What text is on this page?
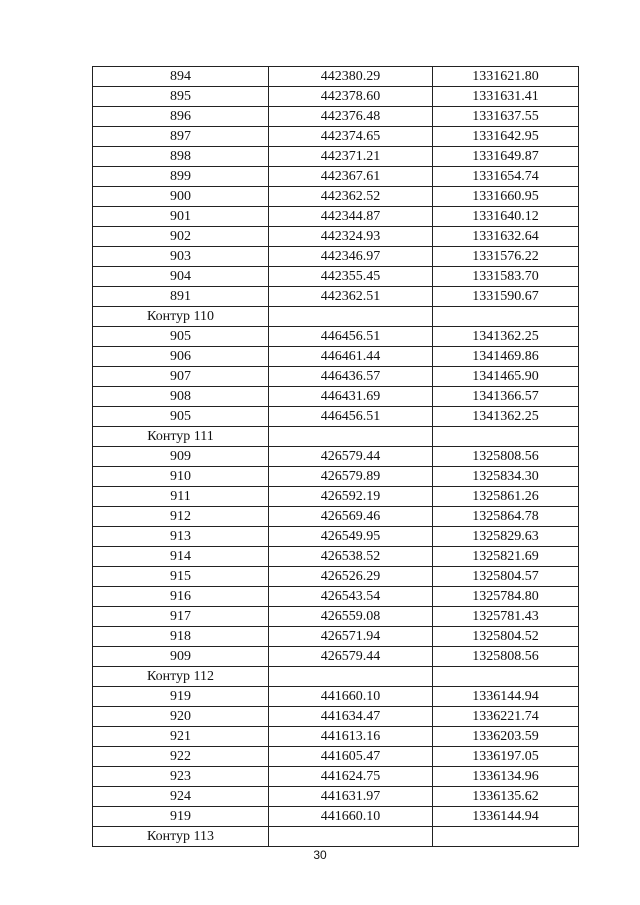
894	442380.29	1331621.80
895	442378.60	1331631.41
896	442376.48	1331637.55
897	442374.65	1331642.95
898	442371.21	1331649.87
899	442367.61	1331654.74
900	442362.52	1331660.95
901	442344.87	1331640.12
902	442324.93	1331632.64
903	442346.97	1331576.22
904	442355.45	1331583.70
891	442362.51	1331590.67
Контур 110		
905	446456.51	1341362.25
906	446461.44	1341469.86
907	446436.57	1341465.90
908	446431.69	1341366.57
905	446456.51	1341362.25
Контур 111		
909	426579.44	1325808.56
910	426579.89	1325834.30
911	426592.19	1325861.26
912	426569.46	1325864.78
913	426549.95	1325829.63
914	426538.52	1325821.69
915	426526.29	1325804.57
916	426543.54	1325784.80
917	426559.08	1325781.43
918	426571.94	1325804.52
909	426579.44	1325808.56
Контур 112		
919	441660.10	1336144.94
920	441634.47	1336221.74
921	441613.16	1336203.59
922	441605.47	1336197.05
923	441624.75	1336134.96
924	441631.97	1336135.62
919	441660.10	1336144.94
Контур 113		
30
